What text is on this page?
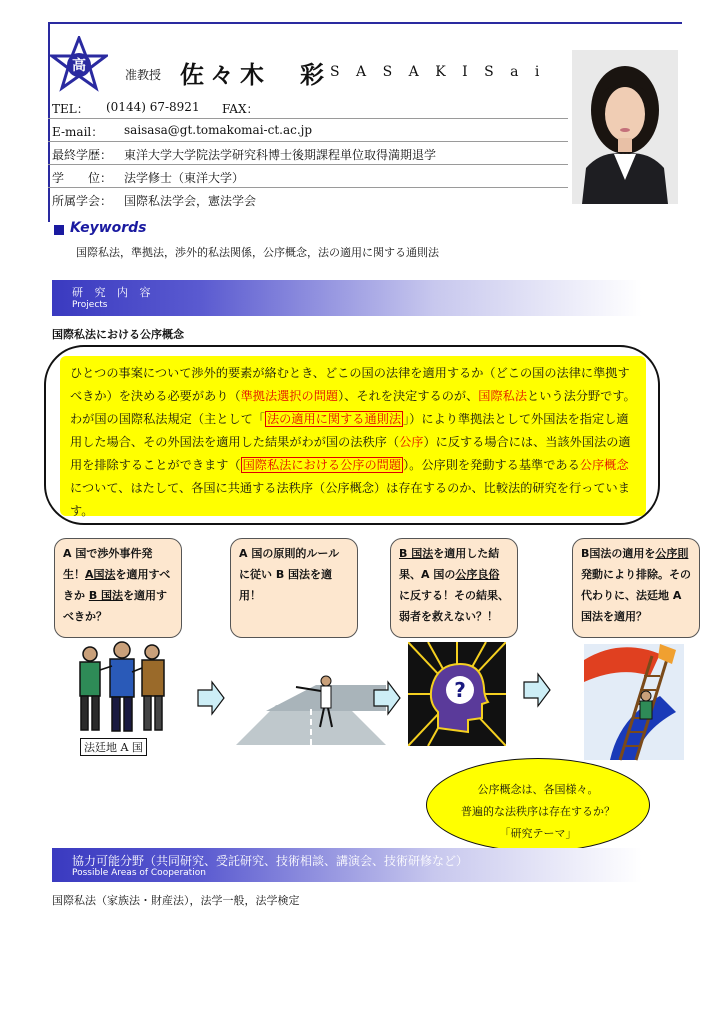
高
准教授 佐々木　彩 S A S A K I S a i
TEL： (0144) 67-8921 FAX：
E-mail： saisasa@gt.tomakomai-ct.ac.jp
最終学歴： 東洋大学大学院法学研究科博士後期課程単位取得満期退学
学　　位： 法学修士（東洋大学）
所属学会： 国際私法学会，憲法学会
Keywords
国際私法，準拠法，渉外的私法関係，公序概念，法の適用に関する通則法
研 究 内 容
Projects
国際私法における公序概念
ひとつの事案について渉外的要素が絡むとき、どこの国の法律を適用するか（どこの国の法律に準拠すべきか）を決める必要があり（準拠法選択の問題）、それを決定するのが、国際私法という法分野です。わが国の国際私法規定（主として「 法の適用に関する通則法 」）により準拠法として外国法を指定し適用した場合、その外国法を適用した結果がわが国の法秩序（公序）に反する場合には、当該外国法の適用を排除することができます（ 国際私法における公序の問題 ）。公序則を発動する基準である公序概念について、はたして、各国に共通する法秩序（公序概念）は存在するのか、比較法的研究を行っています。
A 国で渉外事件発生！A国法を適用すべきか B 国法を適用すべきか？
A 国の原則的ルールに従い B 国法を適用！
B 国法を適用した結果、A 国の公序良俗に反する！その結果、弱者を救えない？！
B国法の適用を公序則発動により排除。その代わりに、法廷地 A 国法を適用？
法廷地 A 国
?
公序概念は、各国様々。
普遍的な法秩序は存在するか？
「研究テーマ」
協力可能分野（共同研究、受託研究、技術相談、講演会、技術研修など）
Possible Areas of Cooperation
国際私法（家族法・財産法），法学一般，法学検定
